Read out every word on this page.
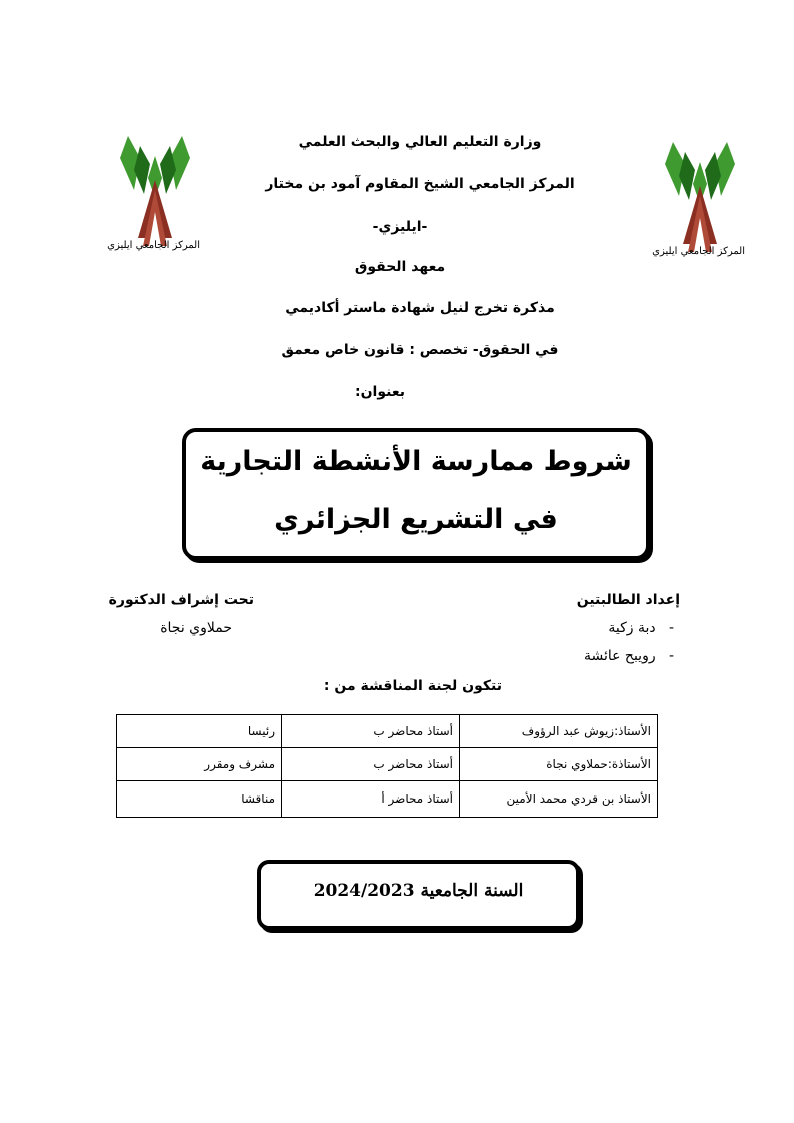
المركز الجامعي ايليزي
المركز الجامعي ايليزي
وزارة التعليم العالي والبحث العلمي
المركز الجامعي الشيخ المقاوم آمود بن مختار
-ايليزي-
معهد الحقوق
مذكرة تخرج لنيل شهادة ماستر أكاديمي
في الحقوق- تخصص : قانون خاص معمق
بعنوان:
شروط ممارسة الأنشطة التجارية
في التشريع الجزائري
إعداد الطالبتين
-   دبة زكية
-   رويبح عائشة
تحت إشراف الدكتورة
حملاوي نجاة
تتكون لجنة المناقشة من :
الأستاذ:زيوش عبد الرؤوف	أستاذ محاضر ب	رئيسا
الأستاذة:حملاوي نجاة	أستاذ محاضر ب	مشرف ومقرر
الأستاذ بن قردي محمد الأمين	أستاذ محاضر أ	مناقشا
السنة الجامعية 2024/2023
